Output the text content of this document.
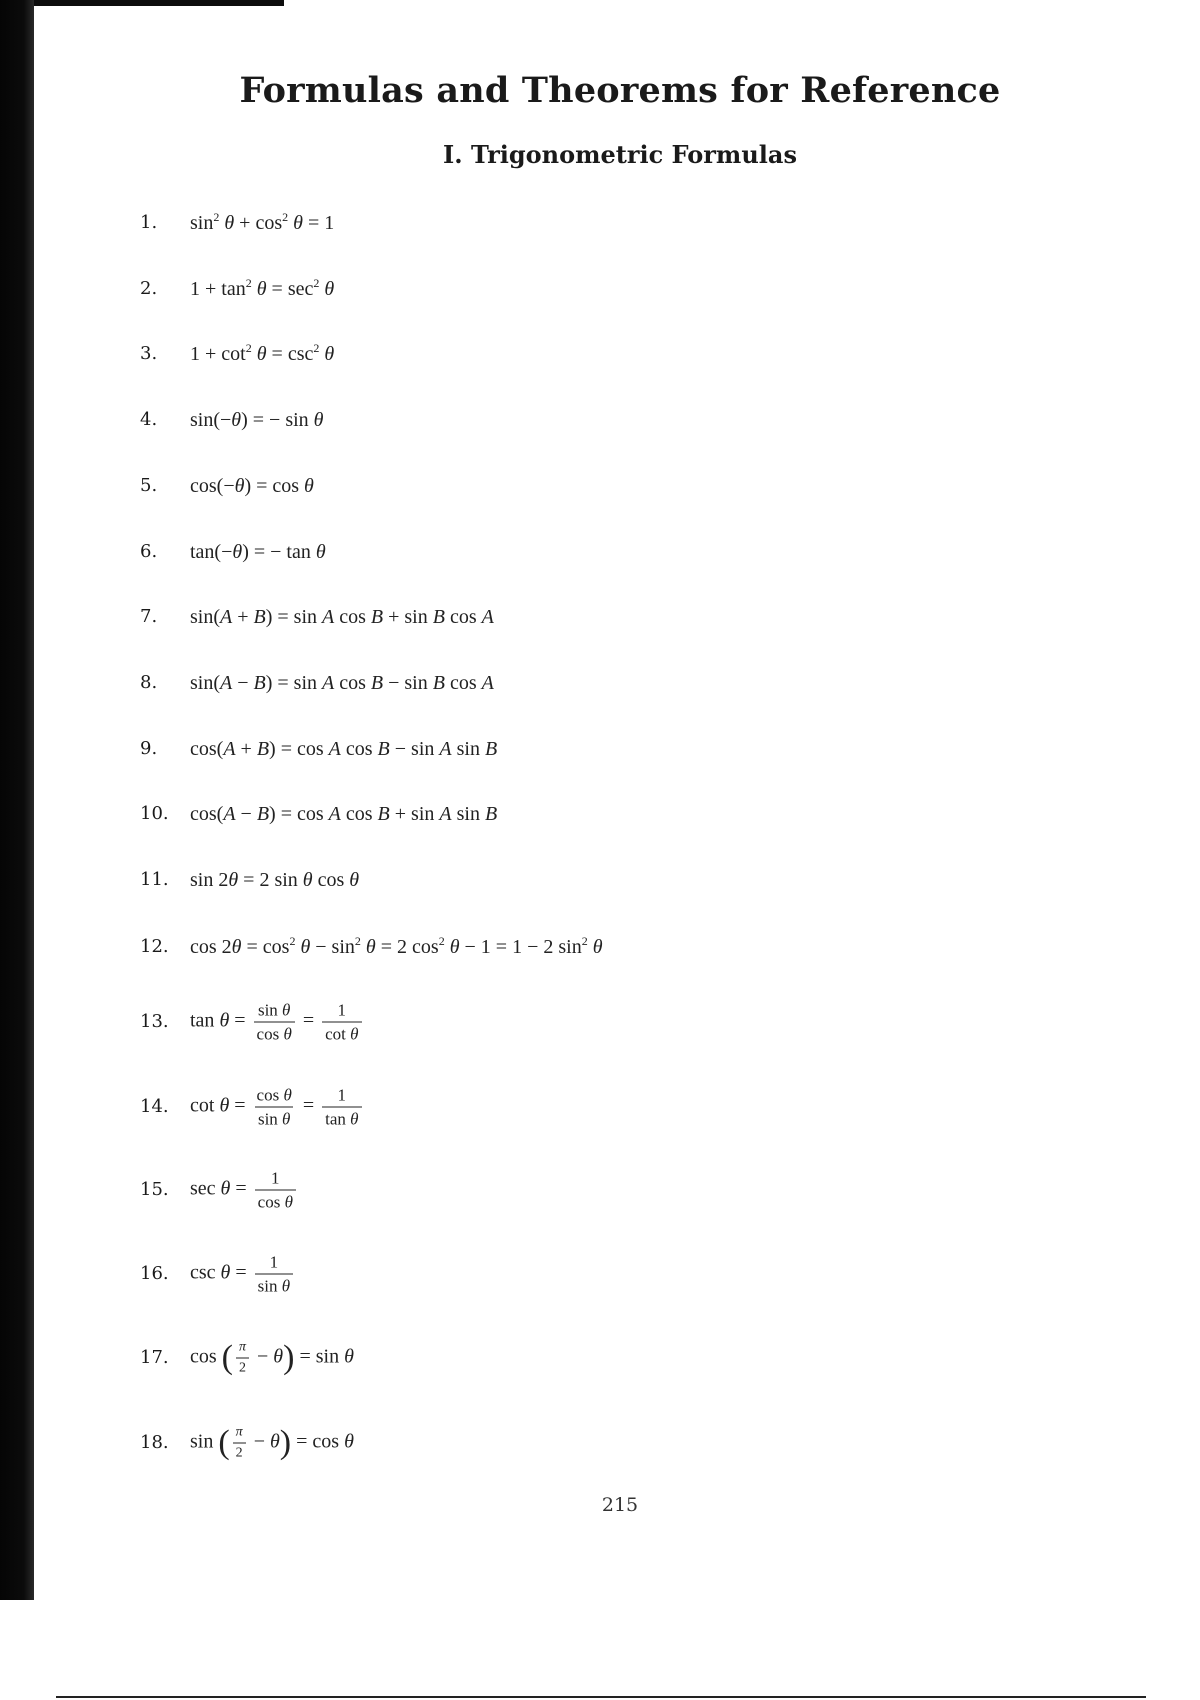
Formulas and Theorems for Reference
I. Trigonometric Formulas
1.	$\sin^2 \theta + \cos^2 \theta = 1$
2.	$1 + \tan^2 \theta = \sec^2 \theta$
3.	$1 + \cot^2 \theta = \csc^2 \theta$
4.	sin(−θ) = − sin θ
5.	cos(−θ) = cos θ
6.	tan(−θ) = − tan θ
7.	sin(A + B) = sin A cos B + sin B cos A
8.	sin(A − B) = sin A cos B − sin B cos A
9.	cos(A + B) = cos A cos B − sin A sin B
10.	cos(A − B) = cos A cos B + sin A sin B
11.	sin 2θ = 2 sin θ cos θ
12.	$\cos 2\theta = \cos^2 \theta - \sin^2 \theta = 2$ $\cos^2 \theta - 1 = 1 - 2$ $\sin^2 \theta$
13.	$\tan \theta = \frac{\text{sin θ}}{\text{cos θ}} = \frac{1}{\text{cot θ}}$
14.	$\cot \theta = \frac{\text{cos θ}}{\text{sin θ}} = \frac{1}{\text{tan θ}}$
15.	$\sec \theta = \frac{1}{\text{cos θ}}$
16.	$\csc \theta = \frac{1}{\text{sin θ}}$
17.	cos ( $\frac{\pi}{2} - \theta) = \sin \theta$
18.	sin ( $\frac{\pi}{2} - \theta) = \cos \theta$
215
